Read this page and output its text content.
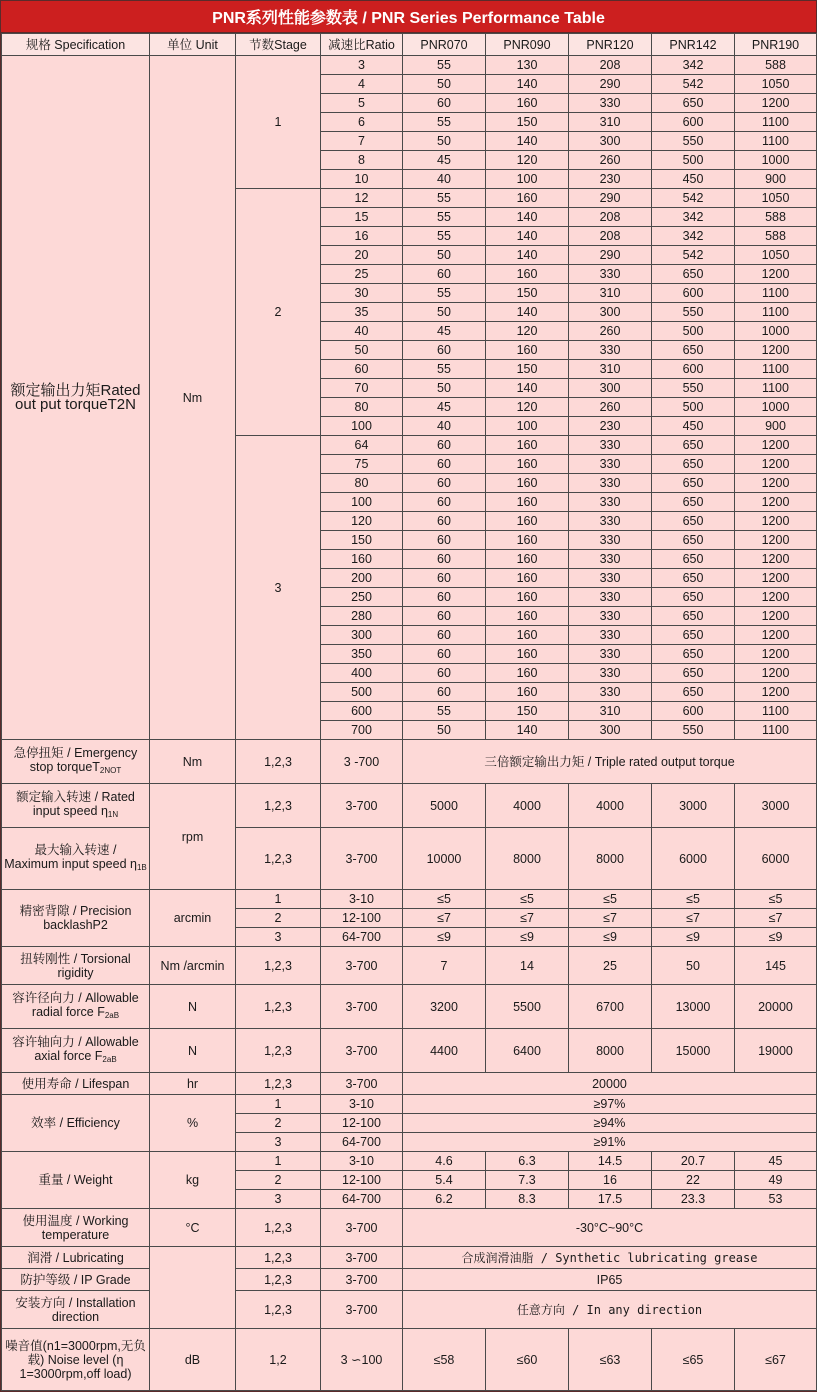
PNR系列性能参数表 / PNR Series Performance Table
规格 Specification	单位 Unit	节数Stage	减速比Ratio	PNR070	PNR090	PNR120	PNR142	PNR190
额定输出力矩Rated out put torqueT2N	Nm	1	3	55	130	208	342	588
			4	50	140	290	542	1050
			5	60	160	330	650	1200
			6	55	150	310	600	1100
			7	50	140	300	550	1100
			8	45	120	260	500	1000
			10	40	100	230	450	900
		2	12	55	160	290	542	1050
			15	55	140	208	342	588
			16	55	140	208	342	588
			20	50	140	290	542	1050
			25	60	160	330	650	1200
			30	55	150	310	600	1100
			35	50	140	300	550	1100
			40	45	120	260	500	1000
			50	60	160	330	650	1200
			60	55	150	310	600	1100
			70	50	140	300	550	1100
			80	45	120	260	500	1000
			100	40	100	230	450	900
		3	64	60	160	330	650	1200
			75	60	160	330	650	1200
			80	60	160	330	650	1200
			100	60	160	330	650	1200
			120	60	160	330	650	1200
			150	60	160	330	650	1200
			160	60	160	330	650	1200
			200	60	160	330	650	1200
			250	60	160	330	650	1200
			280	60	160	330	650	1200
			300	60	160	330	650	1200
			350	60	160	330	650	1200
			400	60	160	330	650	1200
			500	60	160	330	650	1200
			600	55	150	310	600	1100
			700	50	140	300	550	1100
急停扭矩 / Emergency
stop torqueT$_{2NOT}$	Nm	1,2,3	3 -700	三倍额定输出力矩 / Triple rated output torque				
额定输入转速 / Rated
input speed $\eta_{1N}$	rpm	1,2,3	3-700	5000	4000	4000	3000	3000
最大输入转速 /
Maximum input speed $\eta_{1B}$		1,2,3	3-700	10000	8000	8000	6000	6000
精密背隙 / Precision backlashP2	arcmin	1	3-10	≤5	≤5	≤5	≤5	≤5
		2	12-100	≤7	≤7	≤7	≤7	≤7
		3	64-700	≤9	≤9	≤9	≤9	≤9
扭转刚性 / Torsional rigidity	Nm /arcmin	1,2,3	3-700	7	14	25	50	145
容许径向力 / Allowable
radial force $F_{2aB}$	N	1,2,3	3-700	3200	5500	6700	13000	20000
容许轴向力 / Allowable
axial force $F_{2aB}$	N	1,2,3	3-700	4400	6400	8000	15000	19000
使用寿命 / Lifespan	hr	1,2,3	3-700	20000				
效率 / Efficiency	%	1	3-10	≥97%				
		2	12-100	≥94%				
		3	64-700	≥91%				
重量 / Weight	kg	1	3-10	4.6	6.3	14.5	20.7	45
		2	12-100	5.4	7.3	16	22	49
		3	64-700	6.2	8.3	17.5	23.3	53
使用温度 / Working temperature	°C	1,2,3	3-700	-30°C~90°C				
润滑 / Lubricating		1,2,3	3-700	合成润滑油脂 / Synthetic lubricating grease				
防护等级 / IP Grade		1,2,3	3-700	IP65				
安装方向 / Installation direction		1,2,3	3-700	任意方向 / In any direction				
噪音值(n1=3000rpm,无负载) Noise level (η 1=3000rpm,off load)	dB	1,2	3 ∽100	≤58	≤60	≤63	≤65	≤67
